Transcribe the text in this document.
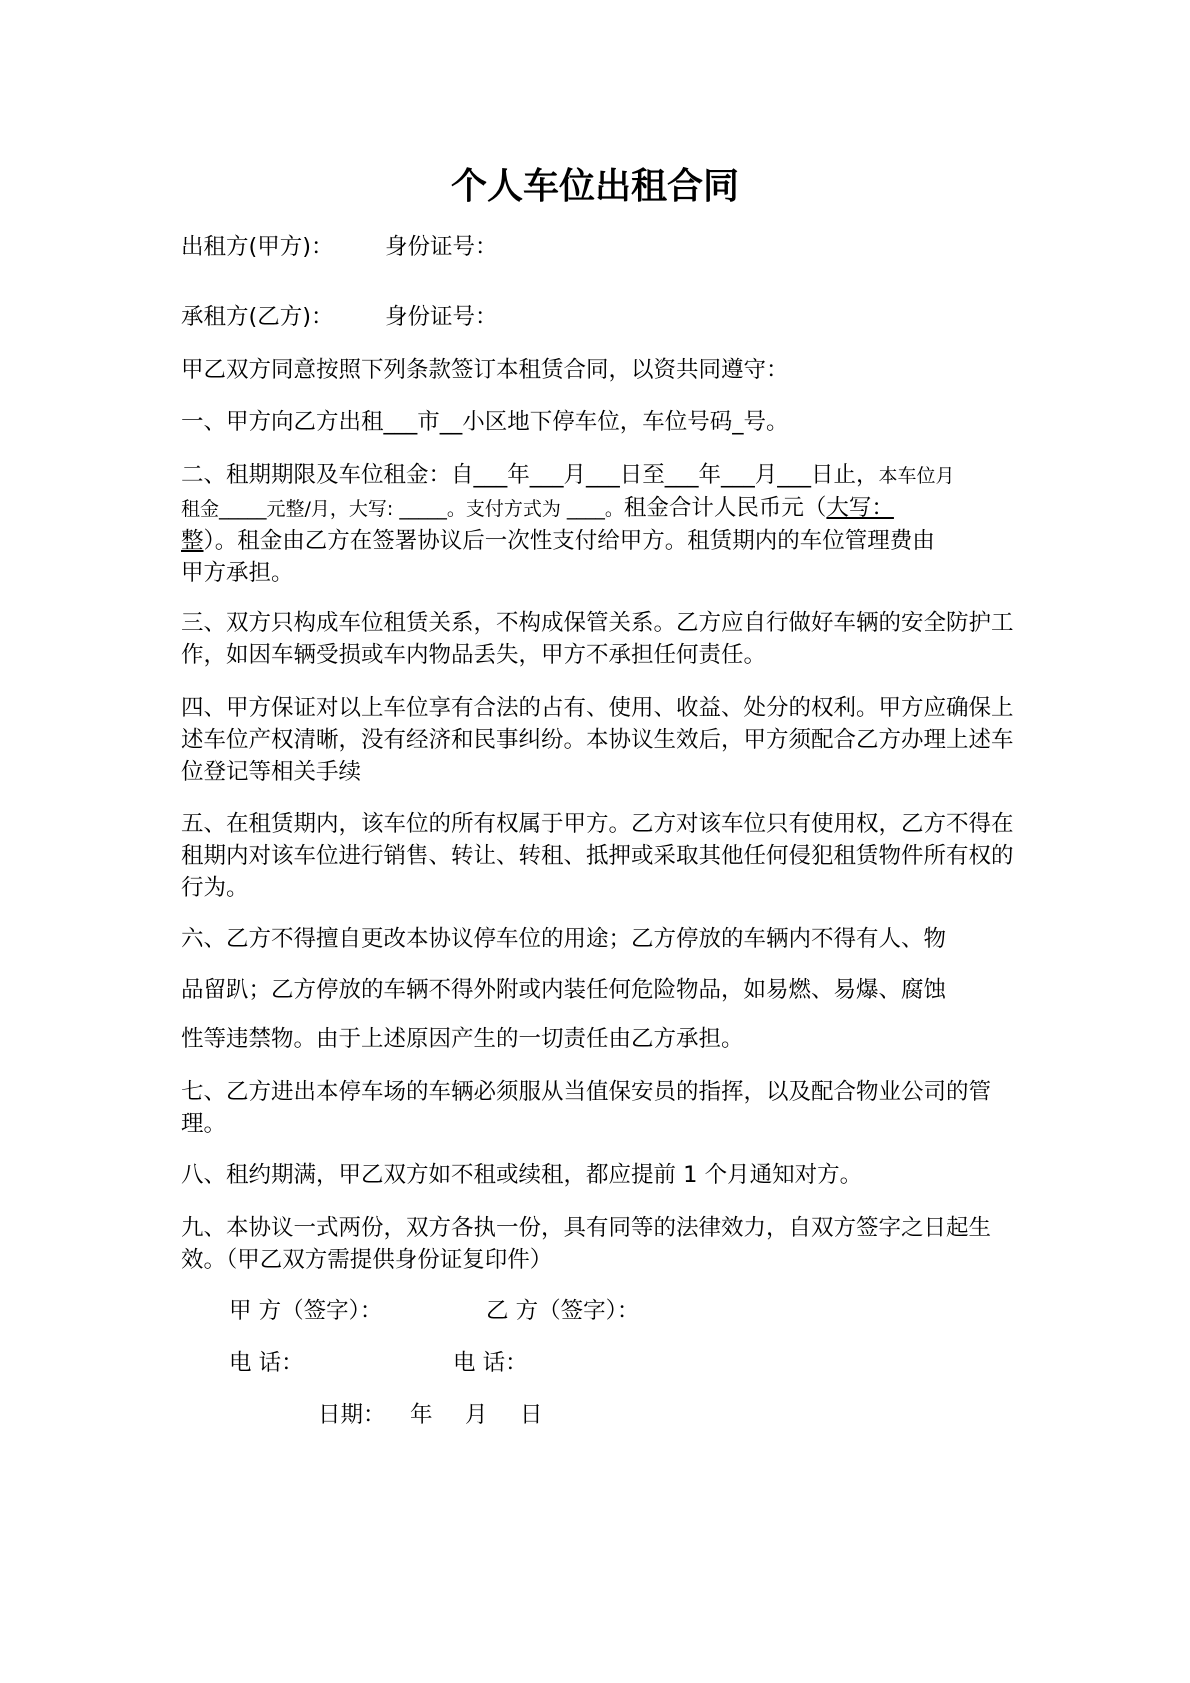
个人车位出租合同
出租方(甲方)： 身份证号：
承租方(乙方)： 身份证号：
甲乙双方同意按照下列条款签订本租赁合同，以资共同遵守：
一、甲方向乙方出租___市__小区地下停车位，车位号码_号。
二、租期期限及车位租金：自___年___月___日至___年___月___日止，本车位月
租金_____元整/月，大写: _____。支付方式为 ____。租金合计人民币元（大写：
整）。租金由乙方在签署协议后一次性支付给甲方。租赁期内的车位管理费由
甲方承担。
三、双方只构成车位租赁关系，不构成保管关系。乙方应自行做好车辆的安全防护工作，如因车辆受损或车内物品丢失，甲方不承担任何责任。
四、甲方保证对以上车位享有合法的占有、使用、收益、处分的权利。甲方应确保上述车位产权清晰，没有经济和民事纠纷。本协议生效后，甲方须配合乙方办理上述车位登记等相关手续
五、在租赁期内，该车位的所有权属于甲方。乙方对该车位只有使用权，乙方不得在租期内对该车位进行销售、转让、转租、抵押或采取其他任何侵犯租赁物件所有权的行为。
六、乙方不得擅自更改本协议停车位的用途；乙方停放的车辆内不得有人、物
品留趴；乙方停放的车辆不得外附或内装任何危险物品，如易燃、易爆、腐蚀
性等违禁物。由于上述原因产生的一切责任由乙方承担。
七、乙方进出本停车场的车辆必须服从当值保安员的指挥，以及配合物业公司的管理。
八、租约期满，甲乙双方如不租或续租，都应提前 1 个月通知对方。
九、本协议一式两份，双方各执一份，具有同等的法律效力，自双方签字之日起生效。（甲乙双方需提供身份证复印件）
甲 方（签字）：	乙 方（签字）：
电 话：	电 话：
日期： 年 月 日
